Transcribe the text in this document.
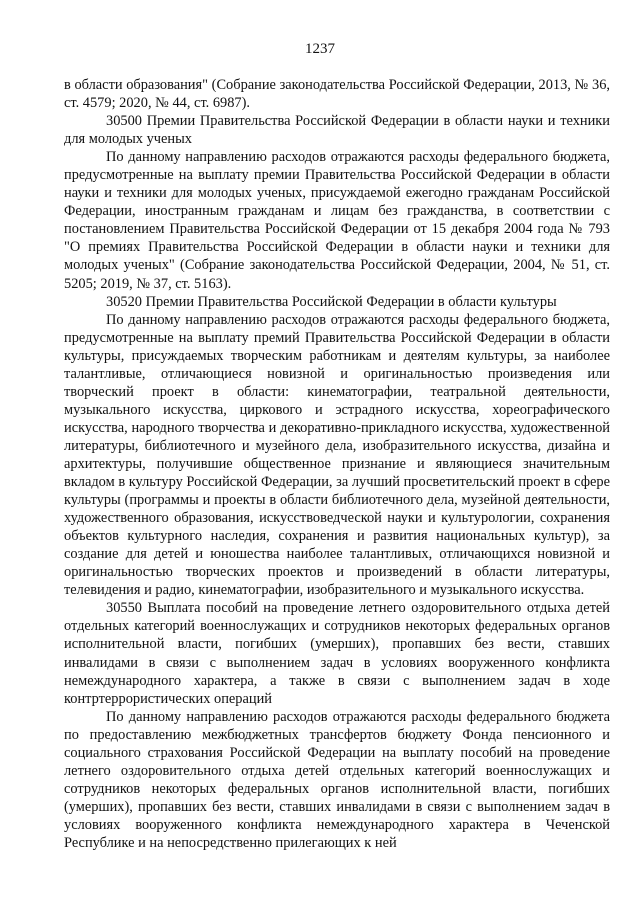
1237

в области образования" (Собрание законодательства Российской Федерации, 2013, № 36, ст. 4579; 2020, № 44, ст. 6987).

30500 Премии Правительства Российской Федерации в области науки и техники для молодых ученых

По данному направлению расходов отражаются расходы федерального бюджета, предусмотренные на выплату премии Правительства Российской Федерации в области науки и техники для молодых ученых, присуждаемой ежегодно гражданам Российской Федерации, иностранным гражданам и лицам без гражданства, в соответствии с постановлением Правительства Российской Федерации от 15 декабря 2004 года № 793 "О премиях Правительства Российской Федерации в области науки и техники для молодых ученых" (Собрание законодательства Российской Федерации, 2004, № 51, ст. 5205; 2019, № 37, ст. 5163).

30520 Премии Правительства Российской Федерации в области культуры

По данному направлению расходов отражаются расходы федерального бюджета, предусмотренные на выплату премий Правительства Российской Федерации в области культуры, присуждаемых творческим работникам и деятелям культуры, за наиболее талантливые, отличающиеся новизной и оригинальностью произведения или творческий проект в области: кинематографии, театральной деятельности, музыкального искусства, циркового и эстрадного искусства, хореографического искусства, народного творчества и декоративно-прикладного искусства, художественной литературы, библиотечного и музейного дела, изобразительного искусства, дизайна и архитектуры, получившие общественное признание и являющиеся значительным вкладом в культуру Российской Федерации, за лучший просветительский проект в сфере культуры (программы и проекты в области библиотечного дела, музейной деятельности, художественного образования, искусствоведческой науки и культурологии, сохранения объектов культурного наследия, сохранения и развития национальных культур), за создание для детей и юношества наиболее талантливых, отличающихся новизной и оригинальностью творческих проектов и произведений в области литературы, телевидения и радио, кинематографии, изобразительного и музыкального искусства.

30550 Выплата пособий на проведение летнего оздоровительного отдыха детей отдельных категорий военнослужащих и сотрудников некоторых федеральных органов исполнительной власти, погибших (умерших), пропавших без вести, ставших инвалидами в связи с выполнением задач в условиях вооруженного конфликта немеждународного характера, а также в связи с выполнением задач в ходе контртеррористических операций

По данному направлению расходов отражаются расходы федерального бюджета по предоставлению межбюджетных трансфертов бюджету Фонда пенсионного и социального страхования Российской Федерации на выплату пособий на проведение летнего оздоровительного отдыха детей отдельных категорий военнослужащих и сотрудников некоторых федеральных органов исполнительной власти, погибших (умерших), пропавших без вести, ставших инвалидами в связи с выполнением задач в условиях вооруженного конфликта немеждународного характера в Чеченской Республике и на непосредственно прилегающих к ней
